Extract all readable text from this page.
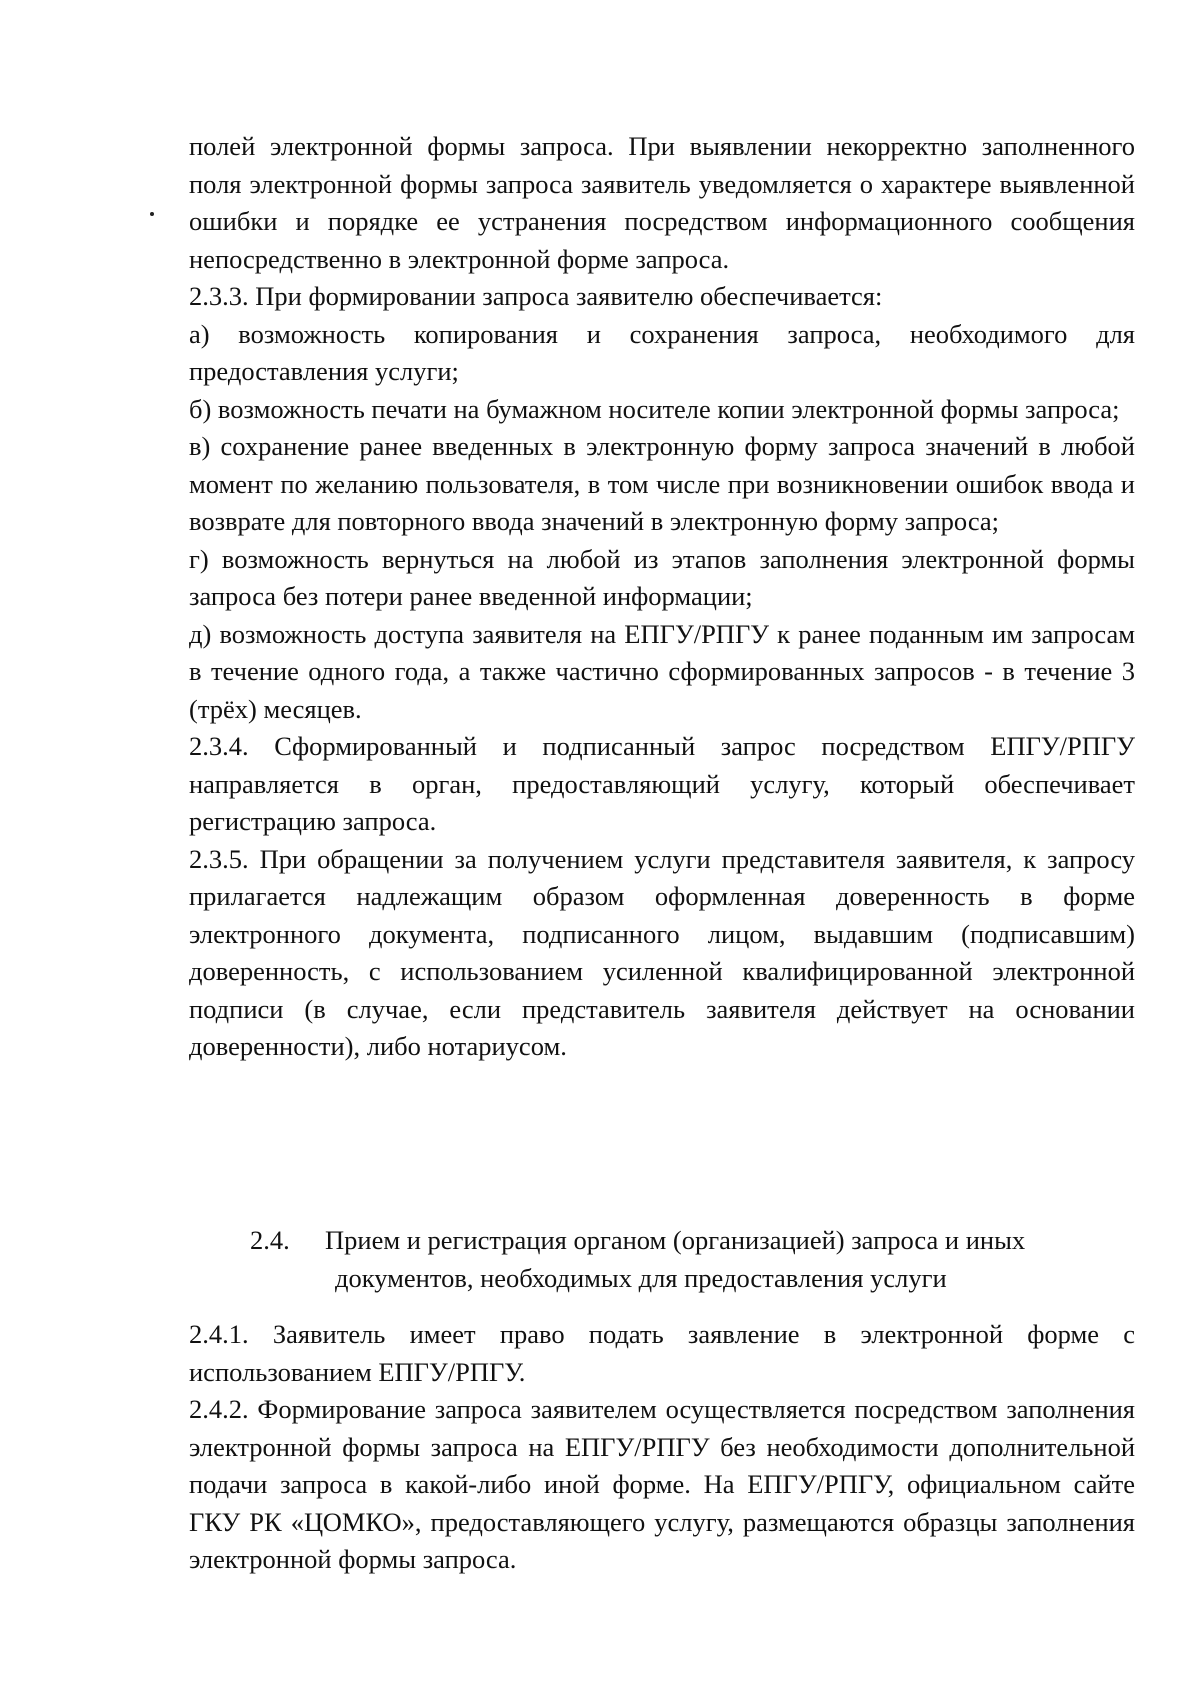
полей электронной формы запроса. При выявлении некорректно заполненного поля электронной формы запроса заявитель уведомляется о характере выявленной ошибки и порядке ее устранения посредством информационного сообщения непосредственно в электронной форме запроса.

2.3.3. При формировании запроса заявителю обеспечивается:

а) возможность копирования и сохранения запроса, необходимого для предоставления услуги;

б) возможность печати на бумажном носителе копии электронной формы запроса;

в) сохранение ранее введенных в электронную форму запроса значений в любой момент по желанию пользователя, в том числе при возникновении ошибок ввода и возврате для повторного ввода значений в электронную форму запроса;

г) возможность вернуться на любой из этапов заполнения электронной формы запроса без потери ранее введенной информации;

д) возможность доступа заявителя на ЕПГУ/РПГУ к ранее поданным им запросам в течение одного года, а также частично сформированных запросов - в течение 3 (трёх) месяцев.

2.3.4. Сформированный и подписанный запрос посредством ЕПГУ/РПГУ направляется в орган, предоставляющий услугу, который обеспечивает регистрацию запроса.

2.3.5. При обращении за получением услуги представителя заявителя, к запросу прилагается надлежащим образом оформленная доверенность в форме электронного документа, подписанного лицом, выдавшим (подписавшим) доверенность, с использованием усиленной квалифицированной электронной подписи (в случае, если представитель заявителя действует на основании доверенности), либо нотариусом.

2.4. Прием и регистрация органом (организацией) запроса и иных
документов, необходимых для предоставления услуги

2.4.1. Заявитель имеет право подать заявление в электронной форме с использованием ЕПГУ/РПГУ.

2.4.2. Формирование запроса заявителем осуществляется посредством заполнения электронной формы запроса на ЕПГУ/РПГУ без необходимости дополнительной подачи запроса в какой-либо иной форме. На ЕПГУ/РПГУ, официальном сайте ГКУ РК «ЦОМКО», предоставляющего услугу, размещаются образцы заполнения электронной формы запроса.
